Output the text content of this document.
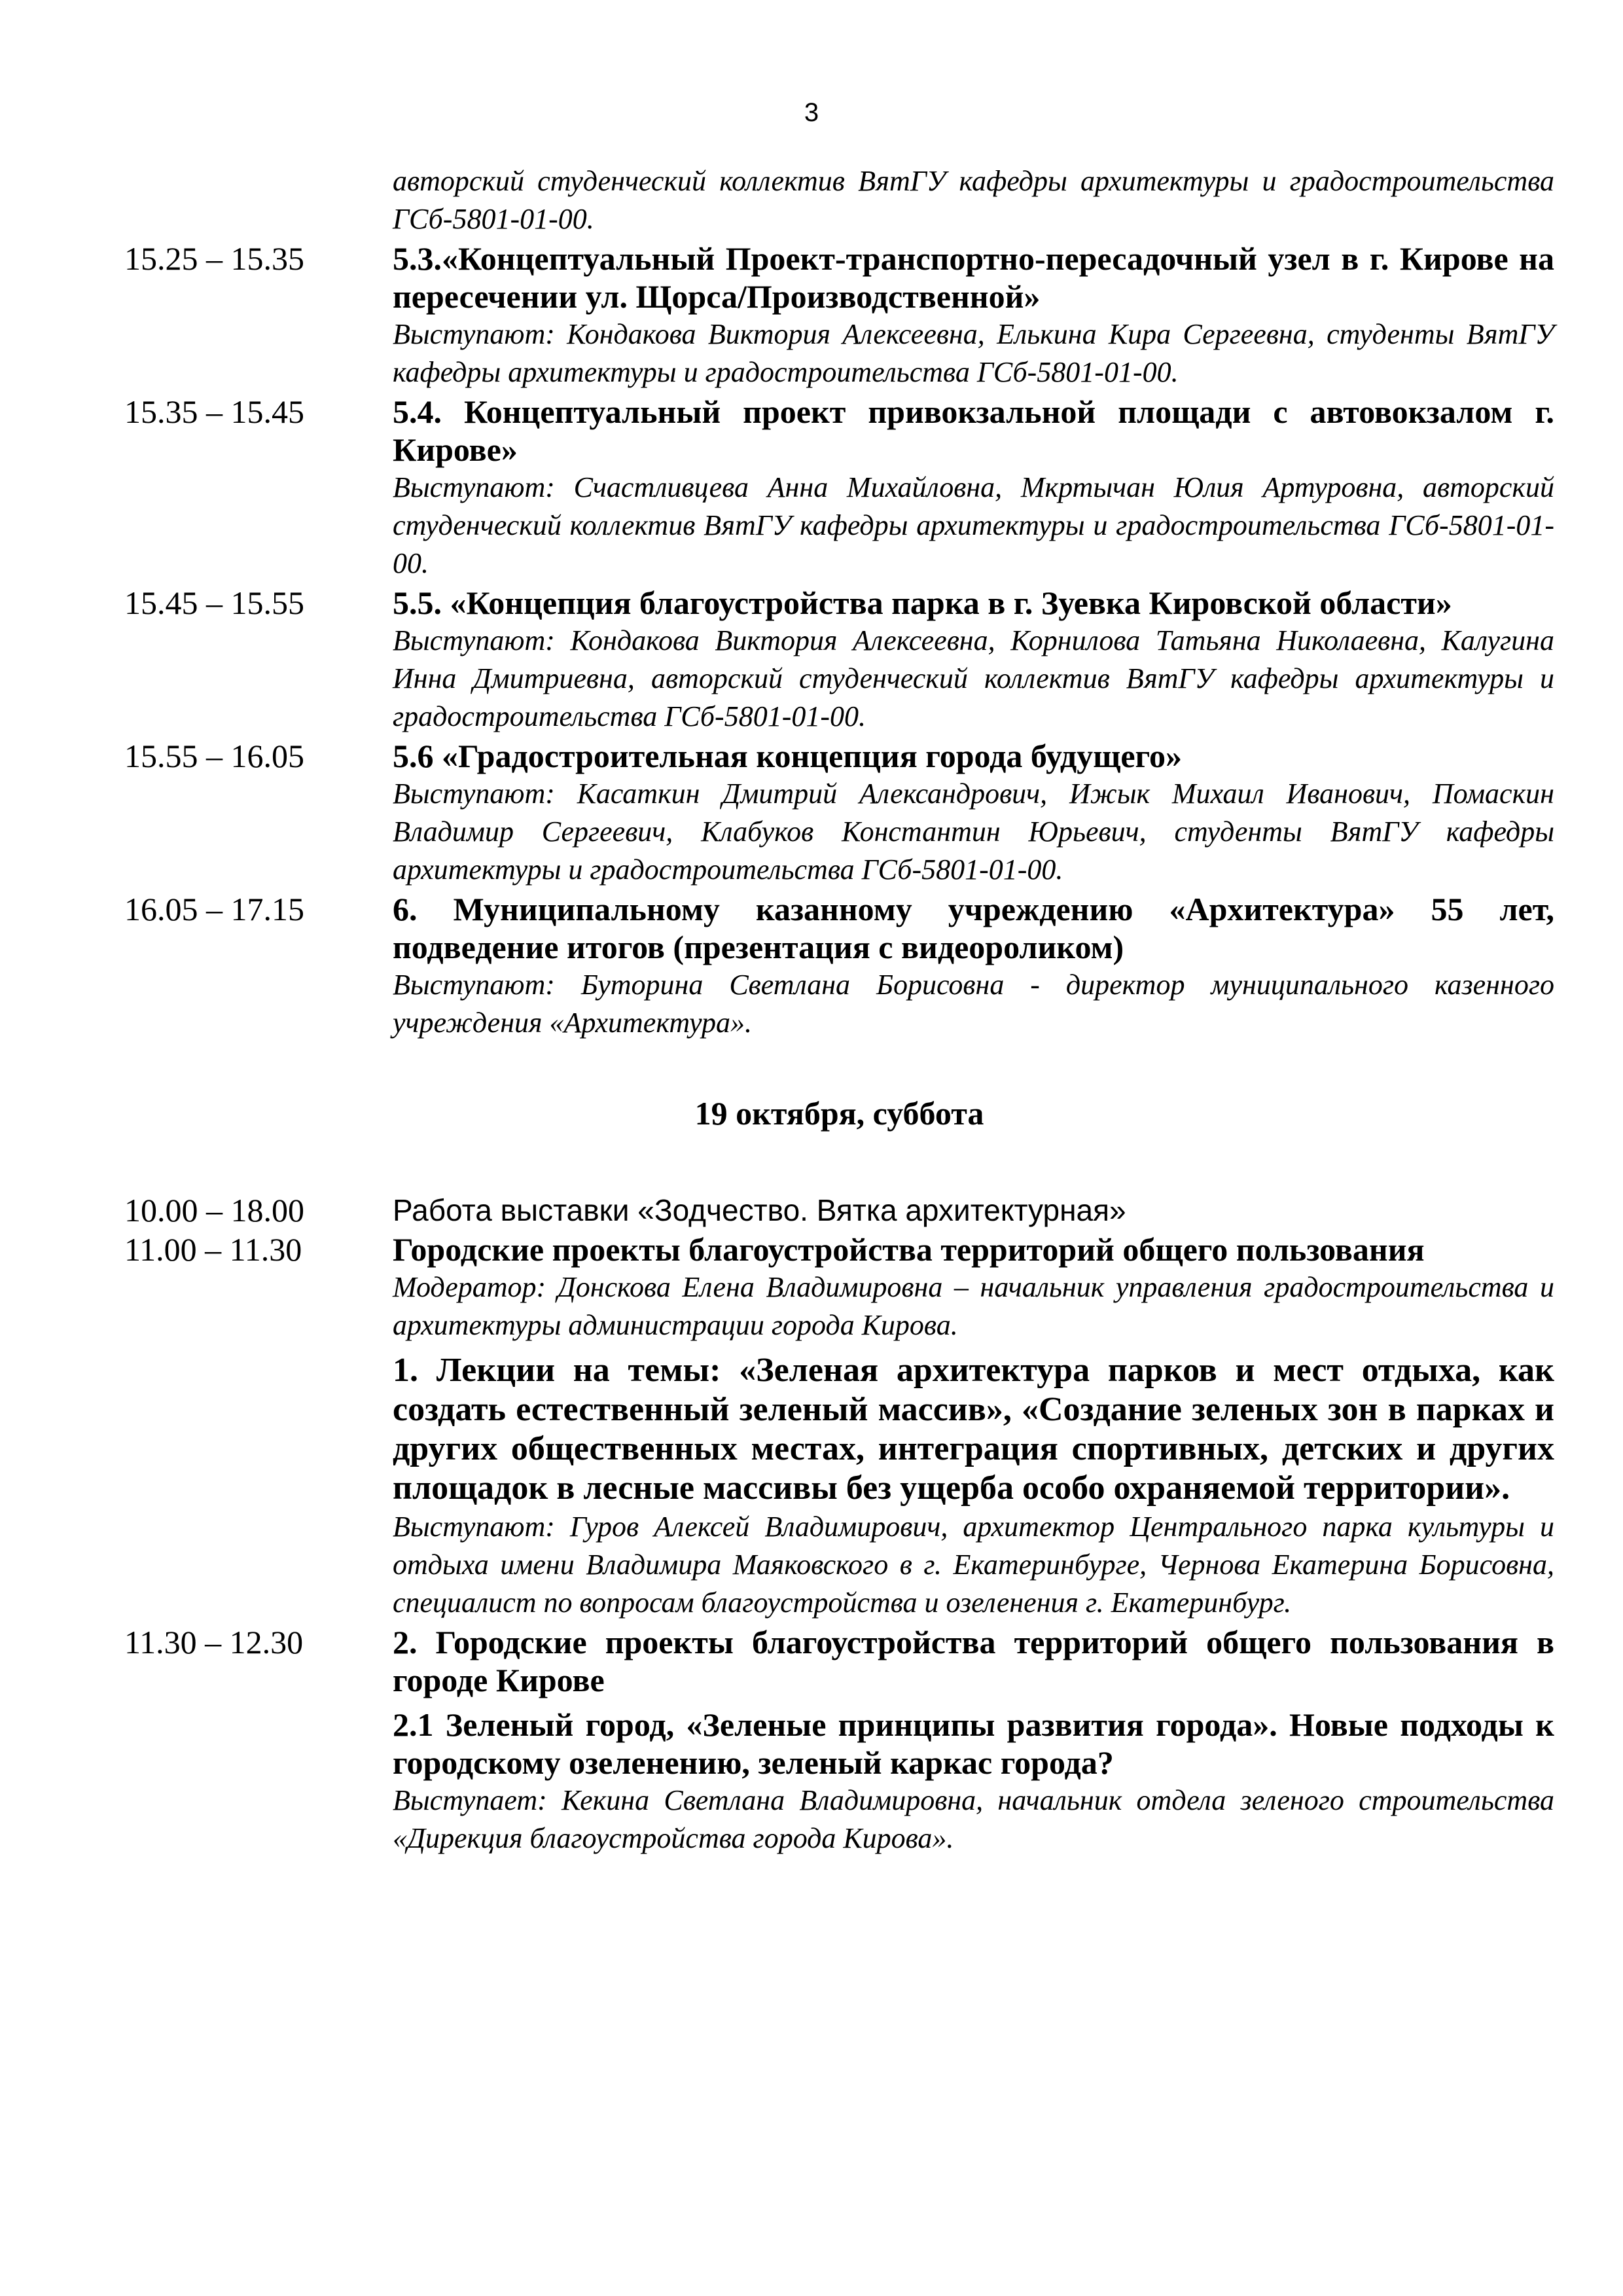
3
авторский студенческий коллектив ВятГУ кафедры архитектуры и градостроительства ГСб-5801-01-00.
15.25 – 15.35	5.3.«Концептуальный Проект-транспортно-пересадочный узел в г. Кирове на пересечении ул. Щорса/Производственной»
Выступают: Кондакова Виктория Алексеевна, Елькина Кира Сергеевна, студенты ВятГУ кафедры архитектуры и градостроительства ГСб-5801-01-00.
15.35 – 15.45	5.4. Концептуальный проект привокзальной площади с автовокзалом г. Кирове»
Выступают: Счастливцева Анна Михайловна, Мкртычан Юлия Артуровна, авторский студенческий коллектив ВятГУ кафедры архитектуры и градостроительства ГСб-5801-01-00.
15.45 – 15.55	5.5. «Концепция благоустройства парка в г. Зуевка Кировской области»
Выступают: Кондакова Виктория Алексеевна, Корнилова Татьяна Николаевна, Калугина Инна Дмитриевна, авторский студенческий коллектив ВятГУ кафедры архитектуры и градостроительства ГСб-5801-01-00.
15.55 – 16.05	5.6 «Градостроительная концепция города будущего»
Выступают: Касаткин Дмитрий Александрович, Ижык Михаил Иванович, Помаскин Владимир Сергеевич, Клабуков Константин Юрьевич, студенты ВятГУ кафедры архитектуры и градостроительства ГСб-5801-01-00.
16.05 – 17.15	6. Муниципальному казанному учреждению «Архитектура» 55 лет, подведение итогов (презентация с видеороликом)
Выступают: Буторина Светлана Борисовна - директор муниципального казенного учреждения «Архитектура».
19 октября, суббота
10.00 – 18.00	Работа выставки «Зодчество. Вятка архитектурная»
11.00 – 11.30	Городские проекты благоустройства территорий общего пользования
Модератор: Донскова Елена Владимировна – начальник управления градостроительства и архитектуры администрации города Кирова.
1. Лекции на темы: «Зеленая архитектура парков и мест отдыха, как создать естественный зеленый массив», «Создание зеленых зон в парках и других общественных местах, интеграция спортивных, детских и других площадок в лесные массивы без ущерба особо охраняемой территории».
Выступают: Гуров Алексей Владимирович, архитектор Центрального парка культуры и отдыха имени Владимира Маяковского в г. Екатеринбурге, Чернова Екатерина Борисовна, специалист по вопросам благоустройства и озеленения г. Екатеринбург.
11.30 – 12.30	2. Городские проекты благоустройства территорий общего пользования в городе Кирове
2.1 Зеленый город, «Зеленые принципы развития города». Новые подходы к городскому озеленению, зеленый каркас города?
Выступает: Кекина Светлана Владимировна, начальник отдела зеленого строительства «Дирекция благоустройства города Кирова».
